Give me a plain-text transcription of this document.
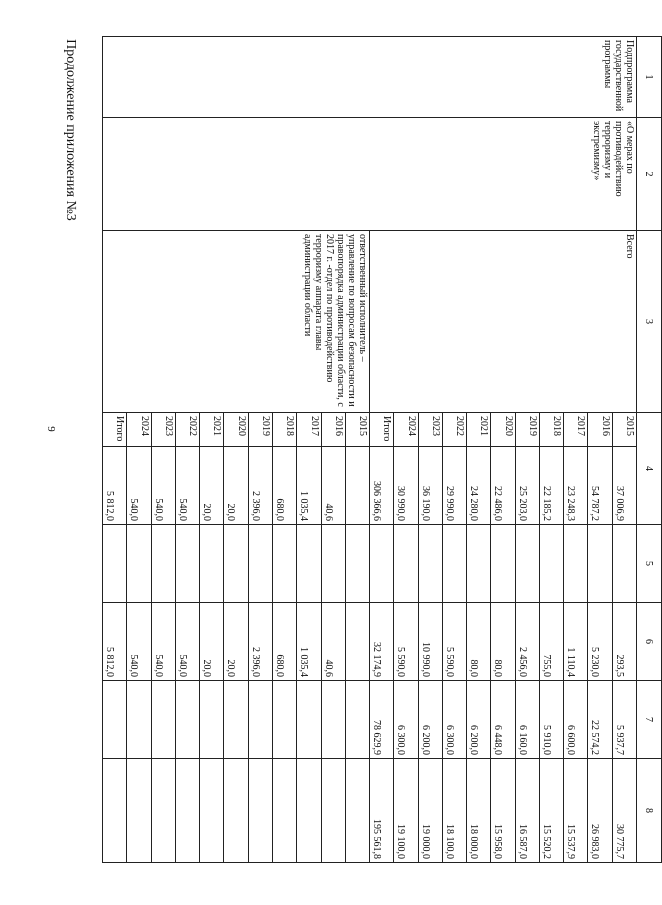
9
Продолжение приложения №3	1	2	3	4		5	6	7	8
Подпрограмма государственной программы	«О мерах по противодействию терроризму и экстремизму»	Всего	2015	37 006,9		293,5	5 937,7	30 775,7
			2016	54 787,2		5 230,0	22 574,2	26 983,0
			2017	23 248,3		1 110,4	6 600,0	15 537,9
			2018	22 185,2		755,0	5 910,0	15 520,2
			2019	25 203,0		2 456,0	6 160,0	16 587,0
			2020	22 486,0		80,0	6 448,0	15 958,0
			2021	24 280,0		80,0	6 200,0	18 000,0
			2022	29 990,0		5 590,0	6 300,0	18 100,0
			2023	36 190,0		10 990,0	6 200,0	19 000,0
			2024	30 990,0		5 590,0	6 300,0	19 100,0
			Итого	306 366,6		32 174,9	78 629,9	195 561,8
		ответственный исполнитель – управление по вопросам безопасности и правопорядка администрации области, с 2017 г. -отдел по противодействию терроризму аппарата главы администрации области	2015					
			2016	40,6		40,6		
			2017	1 035,4		1 035,4		
			2018	680,0		680,0		
			2019	2 396,0		2 396,0		
			2020	20,0		20,0		
			2021	20,0		20,0		
			2022	540,0		540,0		
			2023	540,0		540,0		
			2024	540,0		540,0		
			Итого	5 812,0		5 812,0		
